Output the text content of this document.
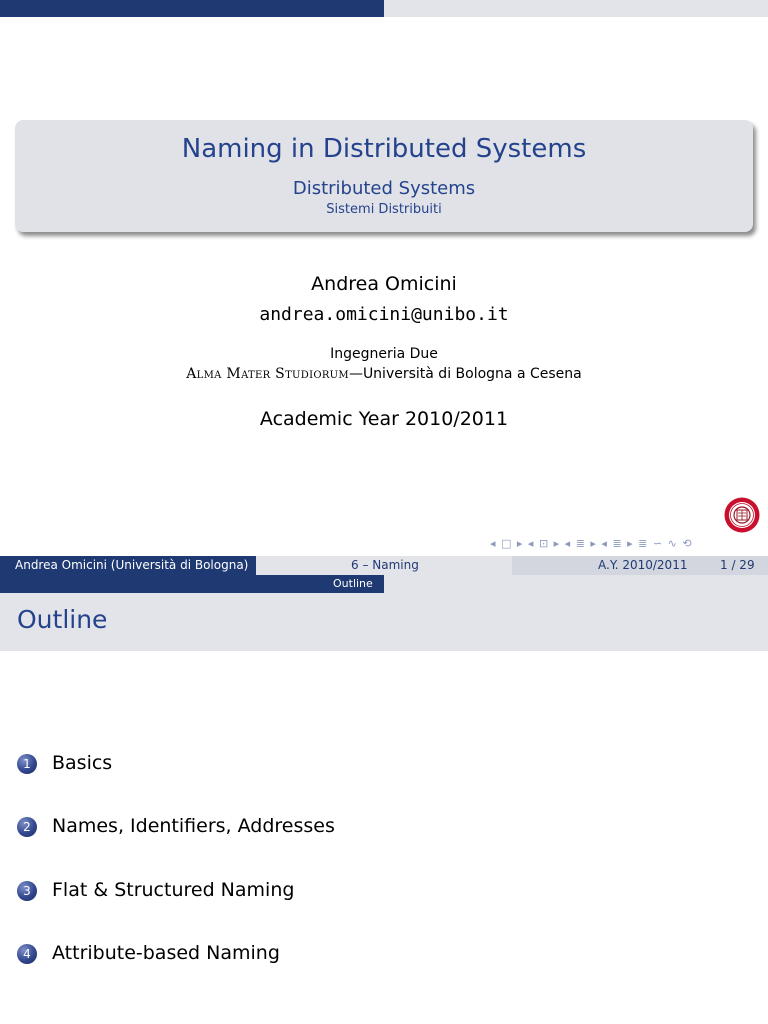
Naming in Distributed Systems
Distributed Systems
Sistemi Distribuiti
Andrea Omicini
andrea.omicini@unibo.it
Ingegneria Due
Alma Mater Studiorum—Università di Bologna a Cesena
Academic Year 2010/2011
◂ □ ▸ ◂ ⊡ ▸ ◂ ≣ ▸ ◂ ≣ ▸ ≣ ∽ ∿ ⟲
Andrea Omicini (Università di Bologna)	6 – Naming	A.Y. 2010/2011	1 / 29
Outline
Outline
1	Basics
2	Names, Identifiers, Addresses
3	Flat & Structured Naming
4	Attribute-based Naming
